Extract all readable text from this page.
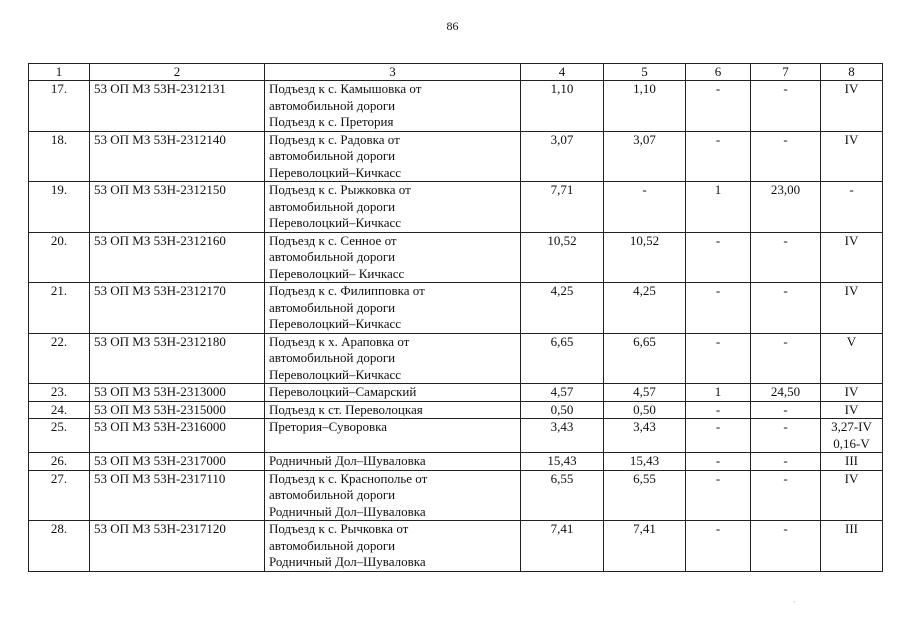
86
1	2	3	4	5	6	7	8
17.	53 ОП МЗ 53Н-2312131	Подъезд к с. Камышовка от
автомобильной дороги
Подъезд к с. Претория	1,10	1,10	-	-	IV

18.	53 ОП МЗ 53Н-2312140	Подъезд к с. Радовка от
автомобильной дороги
Переволоцкий–Кичкасс	3,07	3,07	-	-	IV

19.	53 ОП МЗ 53Н-2312150	Подъезд к с. Рыжковка от
автомобильной дороги
Переволоцкий–Кичкасс	7,71	-	1	23,00	-

20.	53 ОП МЗ 53Н-2312160	Подъезд к с. Сенное от
автомобильной дороги
Переволоцкий– Кичкасс	10,52	10,52	-	-	IV

21.	53 ОП МЗ 53Н-2312170	Подъезд к с. Филипповка от
автомобильной дороги
Переволоцкий–Кичкасс	4,25	4,25	-	-	IV

22.	53 ОП МЗ 53Н-2312180	Подъезд к х. Араповка от
автомобильной дороги
Переволоцкий–Кичкасс	6,65	6,65	-	-	V

23.	53 ОП МЗ 53Н-2313000	Переволоцкий–Самарский	4,57	4,57	1	24,50	IV

24.	53 ОП МЗ 53Н-2315000	Подъезд к ст. Переволоцкая	0,50	0,50	-	-	IV

25.	53 ОП МЗ 53Н-2316000	Претория–Суворовка	3,43	3,43	-	-	3,27-IV
0,16-V

26.	53 ОП МЗ 53Н-2317000	Родничный Дол–Шуваловка	15,43	15,43	-	-	III

27.	53 ОП МЗ 53Н-2317110	Подъезд к с. Краснополье от
автомобильной дороги
Родничный Дол–Шуваловка	6,55	6,55	-	-	IV

28.	53 ОП МЗ 53Н-2317120	Подъезд к с. Рычковка от
автомобильной дороги
Родничный Дол–Шуваловка	7,41	7,41	-	-	III
·
